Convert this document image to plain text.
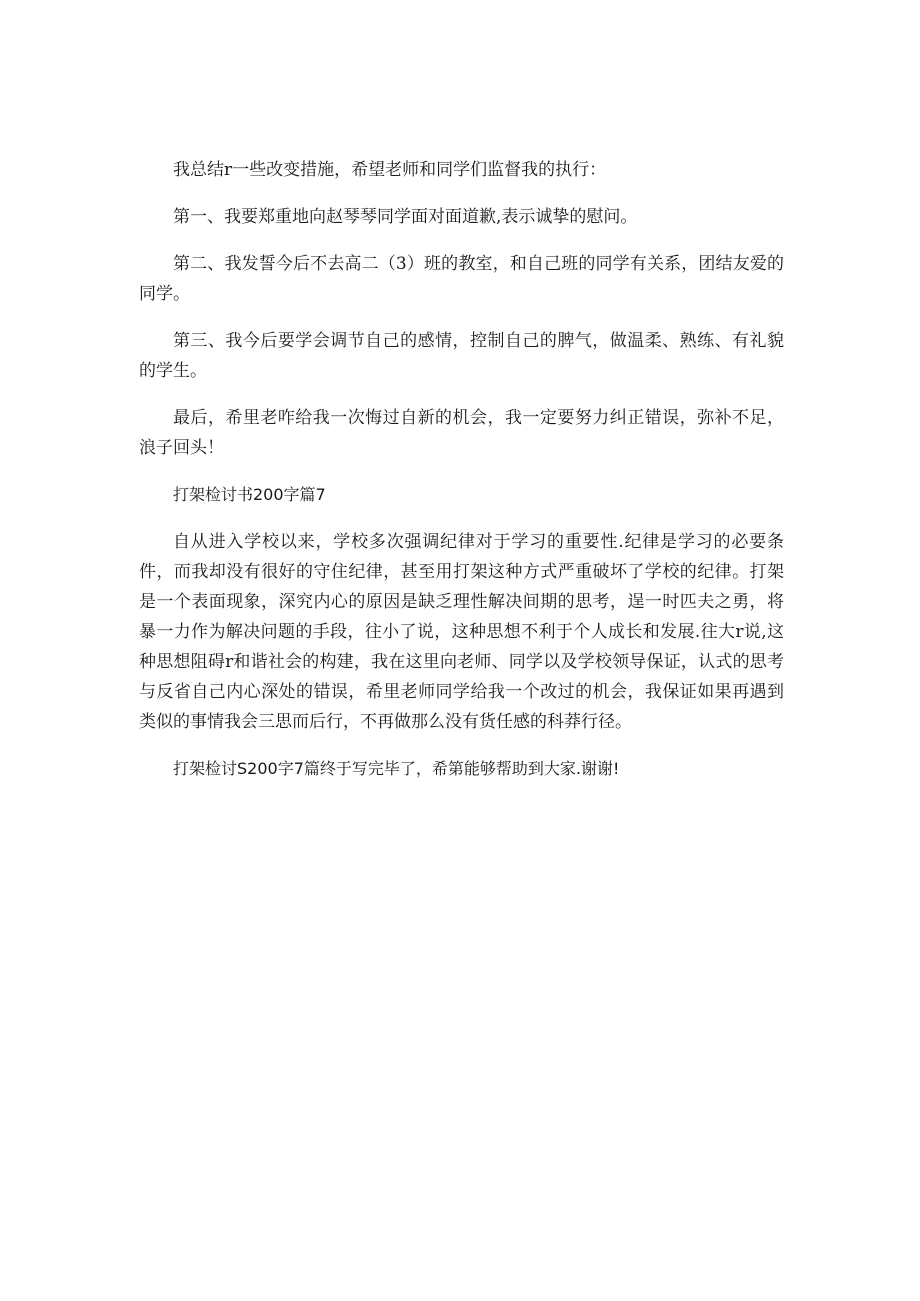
我总结r一些改变措施，希望老师和同学们监督我的执行：

第一、我要郑重地向赵琴琴同学面对面道歉,表示诚挚的慰问。

第二、我发誓今后不去高二（3）班的教室，和自己班的同学有关系，团结友爱的同学。

第三、我今后要学会调节自己的感情，控制自己的脾气，做温柔、熟练、有礼貌的学生。

最后，希里老咋给我一次悔过自新的机会，我一定要努力纠正错误，弥补不足，浪子回头！

打架检讨书200字篇7

自从进入学校以来，学校多次强调纪律对于学习的重要性.纪律是学习的必要条件，而我却没有很好的守住纪律，甚至用打架这种方式严重破坏了学校的纪律。打架是一个表面现象，深究内心的原因是缺乏理性解决间期的思考，逞一时匹夫之勇，将暴一力作为解决问题的手段，往小了说，这种思想不利于个人成长和发展.往大r说,这种思想阻碍r和谐社会的构建，我在这里向老师、同学以及学校领导保证，认式的思考与反省自己内心深处的错误，希里老师同学给我一个改过的机会，我保证如果再遇到类似的事情我会三思而后行，不再做那么没有货任感的科莽行径。

打架检讨S200字7篇终于写完毕了，希第能够帮助到大家.谢谢!
